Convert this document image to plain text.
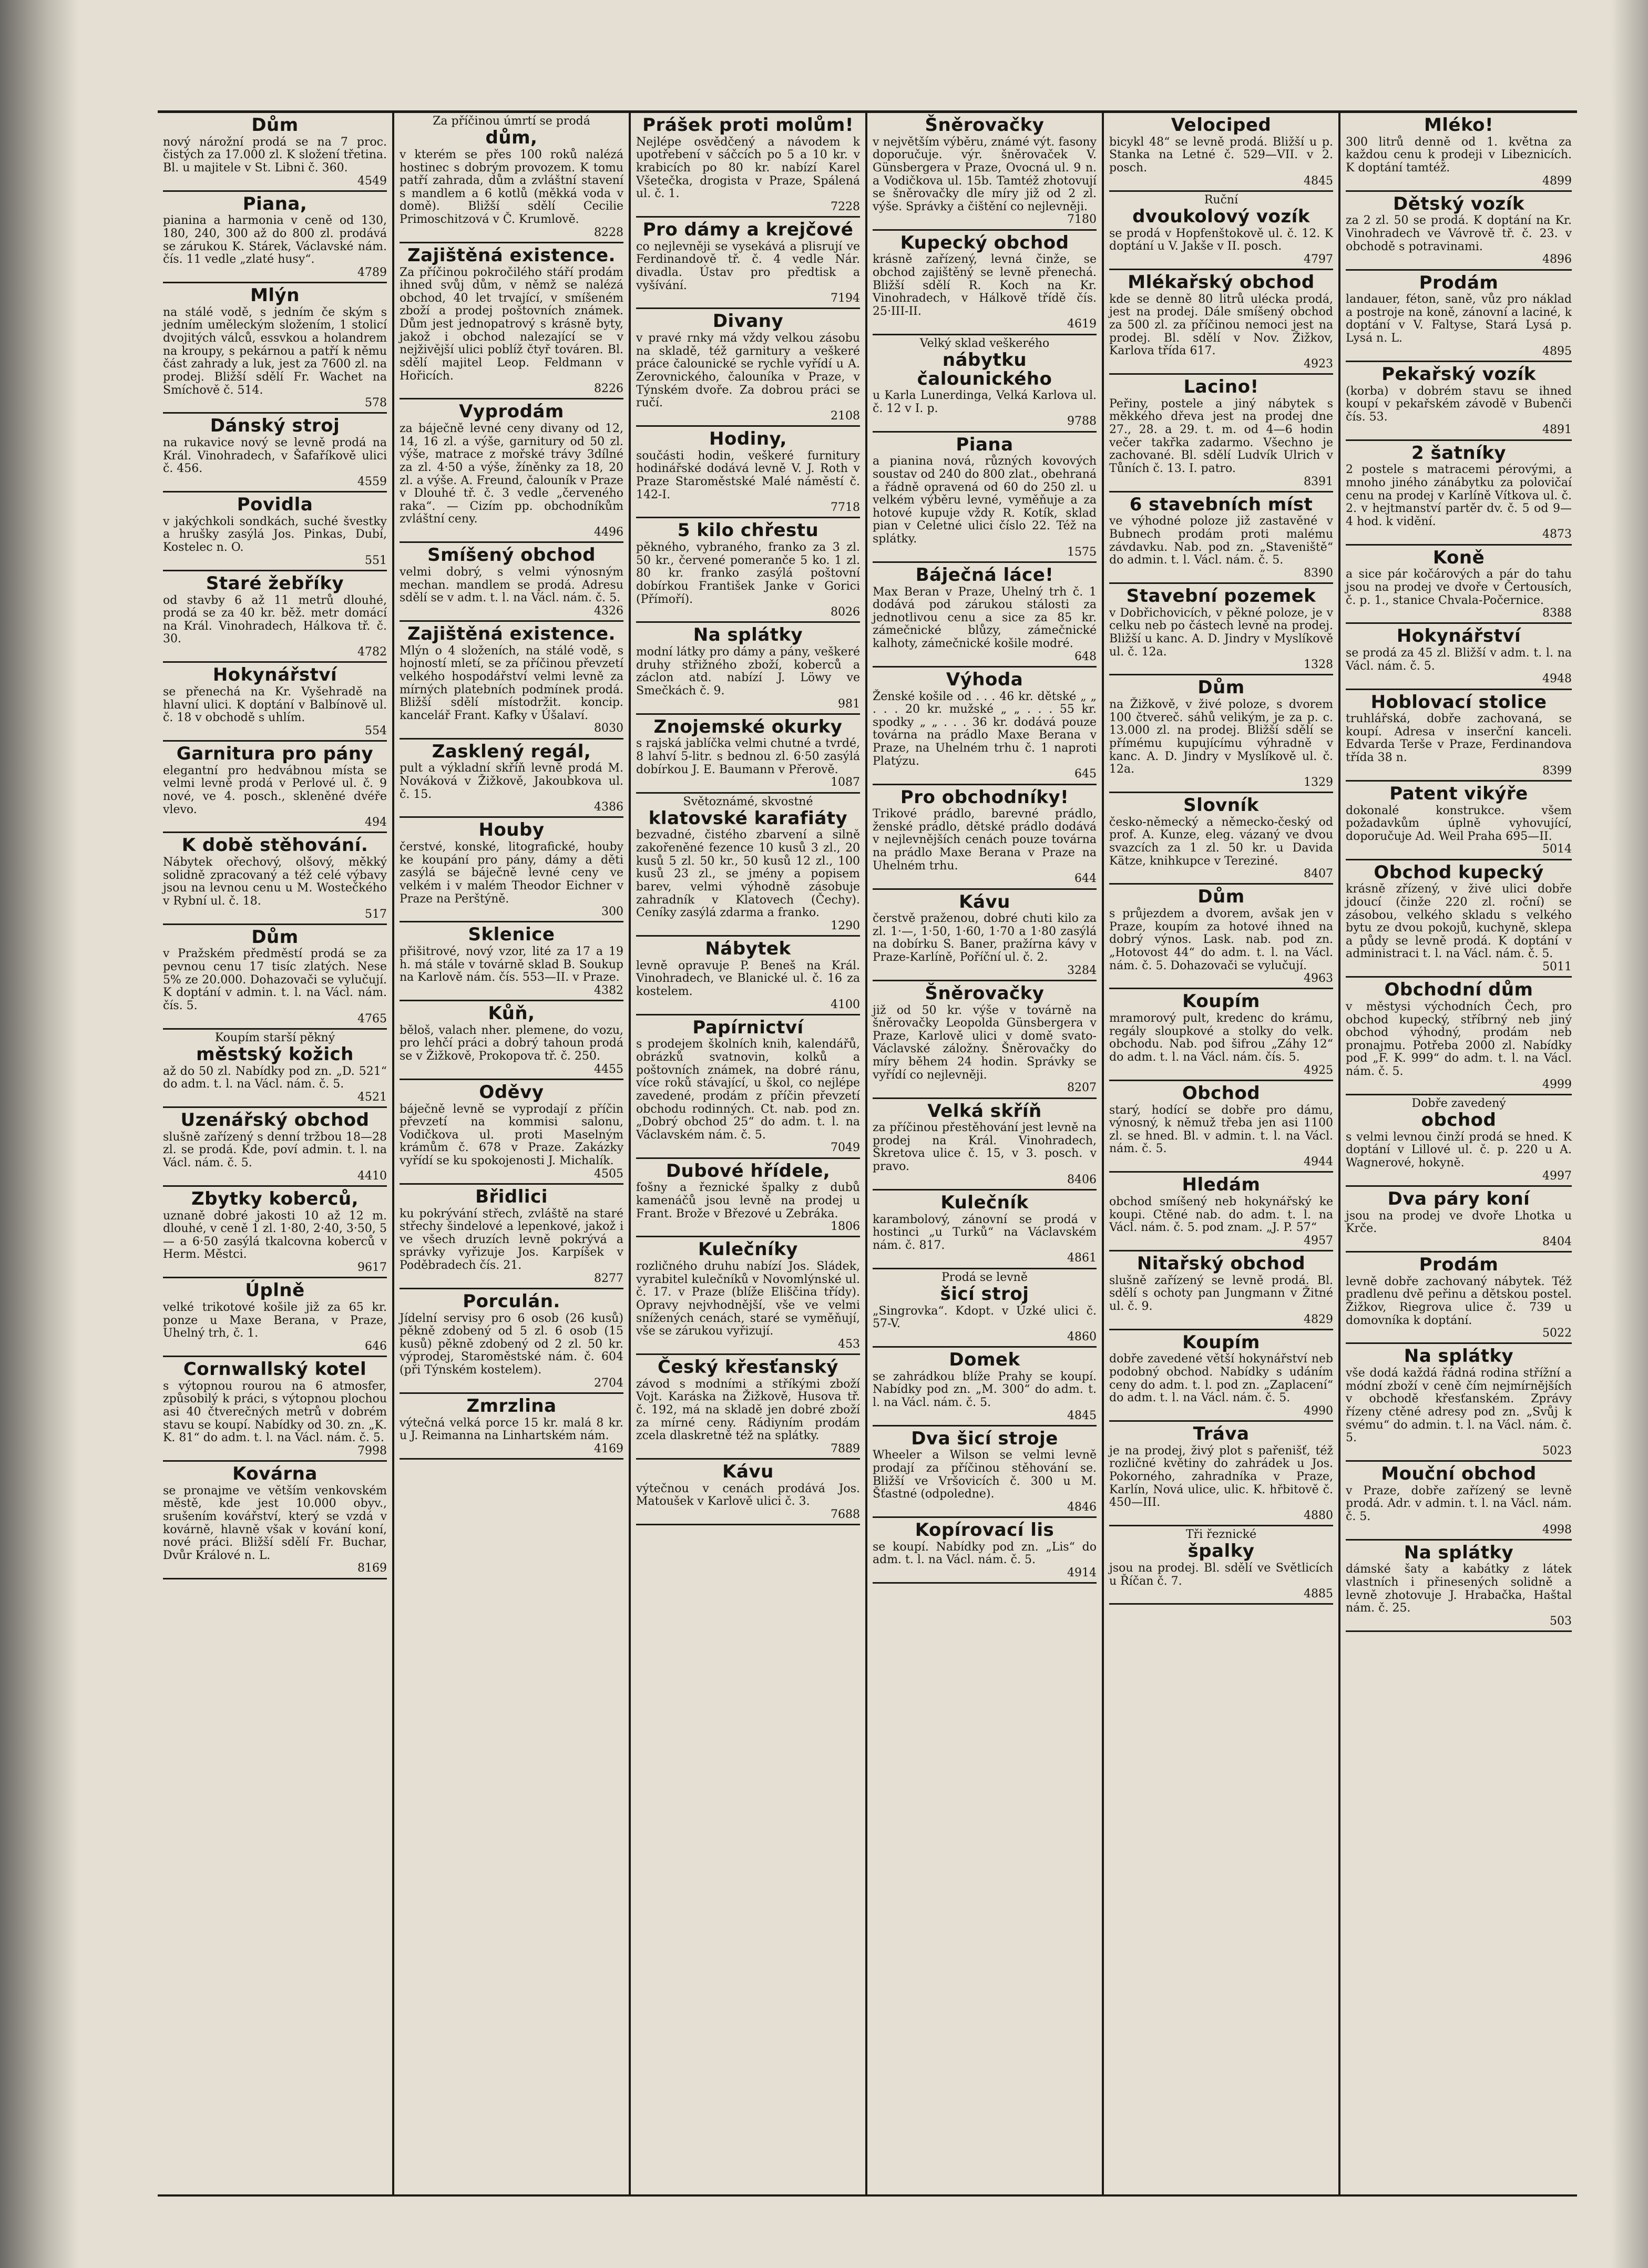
Dům
nový nárožní prodá se na 7 proc. čistých za 17.000 zl. K složení třetina. Bl. u majitele v St. Libni č. 360.
4549
Piana,
pianina a harmonia v ceně od 130, 180, 240, 300 až do 800 zl. prodává se zárukou K. Stárek, Václavské nám. čís. 11 vedle „zlaté husy“.
4789
Mlýn
na stálé vodě, s jedním če ským s jedním uměleckým složením, 1 stolicí dvojitých válců, essvkou a holandrem na kroupy, s pekárnou a patří k němu část zahrady a luk, jest za 7600 zl. na prodej. Bližší sdělí Fr. Wachet na Smíchově č. 514.
578
Dánský stroj
na rukavice nový se levně prodá na Král. Vinohradech, v Šafaříkově ulici č. 456.
4559
Povidla
v jakýchkoli sondkách, suché švestky a hrušky zasýlá Jos. Pinkas, Dubí, Kostelec n. O.
551
Staré žebříky
od stavby 6 až 11 metrů dlouhé, prodá se za 40 kr. běž. metr domácí na Král. Vinohradech, Hálkova tř. č. 30.
4782
Hokynářství
se přenechá na Kr. Vyšehradě na hlavní ulici. K doptání v Balbínově ul. č. 18 v obchodě s uhlím.
554
Garnitura pro pány
elegantní pro hedvábnou místa se velmi levně prodá v Perlové ul. č. 9 nové, ve 4. posch., skleněné dvéře vlevo.
494
K době stěhování.
Nábytek ořechový, olšový, měkký solidně zpracovaný a též celé výbavy jsou na levnou cenu u M. Wostečkého v Rybní ul. č. 18.
517
Dům
v Pražském předměstí prodá se za pevnou cenu 17 tisíc zlatých. Nese 5% ze 20.000. Dohazovači se vylučují. K doptání v admin. t. l. na Václ. nám. čís. 5.
4765
Koupím starší pěkný
městský kožich
až do 50 zl. Nabídky pod zn. „D. 521“ do adm. t. l. na Václ. nám. č. 5.
4521
Uzenářský obchod
slušně zařízený s denní tržbou 18—28 zl. se prodá. Kde, poví admin. t. l. na Václ. nám. č. 5.
4410
Zbytky koberců,
uznaně dobré jakosti 10 až 12 m. dlouhé, v ceně 1 zl. 1·80, 2·40, 3·50, 5— a 6·50 zasýlá tkalcovna koberců v Herm. Městci.
9617
Úplně
velké trikotové košile již za 65 kr. ponze u Maxe Berana, v Praze, Uhelný trh, č. 1.
646
Cornwallský kotel
s výtopnou rourou na 6 atmosfer, způsobilý k práci, s výtopnou plochou asi 40 čtverečných metrů v dobrém stavu se koupí. Nabídky od 30. zn. „K. K. 81“ do adm. t. l. na Václ. nám. č. 5.
7998
Kovárna
se pronajme ve větším venkovském městě, kde jest 10.000 obyv., srušením kovářství, který se vzdá v kovárně, hlavně však v kování koní, nové práci. Bližší sdělí Fr. Buchar, Dvůr Králové n. L.
8169
Za příčinou úmrtí se prodá
dům,
v kterém se přes 100 roků nalézá hostinec s dobrým provozem. K tomu patří zahrada, dům a zvláštní stavení s mandlem a 6 kotlů (měkká voda v domě). Bližší sdělí Cecilie Primoschitzová v Č. Krumlově.
8228
Zajištěná existence.
Za příčinou pokročilého stáří prodám ihned svůj dům, v němž se nalézá obchod, 40 let trvající, v smíšeném zboží a prodej poštovních známek. Dům jest jednopatrový s krásně byty, jakož i obchod nalezající se v nejživější ulici poblíž čtyř továren. Bl. sdělí majitel Leop. Feldmann v Hořicích.
8226
Vyprodám
za báječně levné ceny divany od 12, 14, 16 zl. a výše, garnitury od 50 zl. výše, matrace z mořské trávy 3dílné za zl. 4·50 a výše, žíněnky za 18, 20 zl. a výše. A. Freund, čalouník v Praze v Dlouhé tř. č. 3 vedle „červeného raka“. — Cizím pp. obchodníkům zvláštní ceny.
4496
Smíšený obchod
velmi dobrý, s velmi výnosným mechan. mandlem se prodá. Adresu sdělí se v adm. t. l. na Václ. nám. č. 5.
4326
Zajištěná existence.
Mlýn o 4 složeních, na stálé vodě, s hojností mletí, se za příčinou převzetí velkého hospodářství velmi levně za mírných platebních podmínek prodá. Bližší sdělí místodržit. koncip. kancelář Frant. Kafky v Úšalaví.
8030
Zasklený regál,
pult a výkladní skříň levně prodá M. Nováková v Žižkově, Jakoubkova ul. č. 15.
4386
Houby
čerstvé, konské, litografické, houby ke koupání pro pány, dámy a děti zasýlá se báječně levné ceny ve velkém i v malém Theodor Eichner v Praze na Perštýně.
300
Sklenice
přišitrové, nový vzor, lité za 17 a 19 h. má stále v továrně sklad B. Soukup na Karlově nám. čís. 553—II. v Praze.
4382
Kůň,
běloš, valach nher. plemene, do vozu, pro lehčí práci a dobrý tahoun prodá se v Žižkově, Prokopova tř. č. 250.
4455
Oděvy
báječně levně se vyprodají z příčin převzetí na kommisi salonu, Vodičkova ul. proti Maselným krámům č. 678 v Praze. Zakázky vyřídí se ku spokojenosti J. Michalík.
4505
Břidlici
ku pokrývání střech, zvláště na staré střechy šindelové a lepenkové, jakož i ve všech druzích levně pokrývá a správky vyřizuje Jos. Karpíšek v Poděbradech čís. 21.
8277
Porculán.
Jídelní servisy pro 6 osob (26 kusů) pěkně zdobený od 5 zl. 6 osob (15 kusů) pěkně zdobený od 2 zl. 50 kr. výprodej, Staroměstské nám. č. 604 (při Týnském kostelem).
2704
Zmrzlina
výtečná velká porce 15 kr. malá 8 kr. u J. Reimanna na Linhartském nám.
4169
Prášek proti molům!
Nejlépe osvědčený a návodem k upotřebení v sáčcích po 5 a 10 kr. v krabicích po 80 kr. nabízí Karel Všetečka, drogista v Praze, Spálená ul. č. 1.
7228
Pro dámy a krejčové
co nejlevněji se vysekává a plisrují ve Ferdinandově tř. č. 4 vedle Nár. divadla. Ústav pro předtisk a vyšívání.
7194
Divany
v pravé rnky má vždy velkou zásobu na skladě, též garnitury a veškeré práce čalounické se rychle vyřídí u A. Zerovnického, čalouníka v Praze, v Týnském dvoře. Za dobrou práci se ručí.
2108
Hodiny,
součásti hodin, veškeré furnitury hodinářské dodává levně V. J. Roth v Praze Staroměstské Malé náměstí č. 142-I.
7718
5 kilo chřestu
pěkného, vybraného, franko za 3 zl. 50 kr., červené pomeranče 5 ko. 1 zl. 80 kr. franko zasýlá poštovní dobírkou František Janke v Gorici (Přímoří).
8026
Na splátky
modní látky pro dámy a pány, veškeré druhy střižného zboží, koberců a záclon atd. nabízí J. Löwy ve Smečkách č. 9.
981
Znojemské okurky
s rajská jablíčka velmi chutné a tvrdé, 8 lahví 5-litr. s bednou zl. 6·50 zasýlá dobírkou J. E. Baumann v Přerově.
1087
Světoznámé, skvostné
klatovské karafiáty
bezvadné, čistého zbarvení a silně zakořeněné fezence 10 kusů 3 zl., 20 kusů 5 zl. 50 kr., 50 kusů 12 zl., 100 kusů 23 zl., se jmény a popisem barev, velmi výhodně zásobuje zahradník v Klatovech (Čechy). Ceníky zasýlá zdarma a franko.
1290
Nábytek
levně opravuje P. Beneš na Král. Vinohradech, ve Blanické ul. č. 16 za kostelem.
4100
Papírnictví
s prodejem školních knih, kalendářů, obrázků svatnovin, kolků a poštovních známek, na dobré ránu, více roků stávající, u škol, co nejlépe zavedené, prodám z příčin převzetí obchodu rodinných. Ct. nab. pod zn. „Dobrý obchod 25“ do adm. t. l. na Václavském nám. č. 5.
7049
Dubové hřídele,
fošny a řeznické špalky z dubů kamenáčů jsou levně na prodej u Frant. Brože v Březové u Zebráka.
1806
Kulečníky
rozličného druhu nabízí Jos. Sládek, vyrabitel kulečníků v Novomlýnské ul. č. 17. v Praze (blíže Eliščina třídy). Opravy nejvhodnější, vše ve velmi snížených cenách, staré se vyměňují, vše se zárukou vyřizují.
453
Český křesťanský
závod s modními a stříkými zboží Vojt. Karáska na Žižkově, Husova tř. č. 192, má na skladě jen dobré zboží za mírné ceny. Rádiyním prodám zcela dlaskretně též na splátky.
7889
Kávu
výtečnou v cenách prodává Jos. Matoušek v Karlově ulici č. 3.
7688
Šněrovačky
v největším výběru, známé výt. fasony doporučuje. výr. šněrovaček V. Günsbergera v Praze, Ovocná ul. 9 n. a Vodičkova ul. 15b. Tamtéž zhotovují se šněrovačky dle míry již od 2 zl. výše. Správky a čištění co nejlevněji.
7180
Kupecký obchod
krásně zařízený, levná činže, se obchod zajištěný se levně přenechá. Bližší sdělí R. Koch na Kr. Vinohradech, v Hálkově třídě čís. 25·III-II.
4619
Velký sklad veškerého
nábytku čalounického
u Karla Lunerdinga, Velká Karlova ul. č. 12 v I. p.
9788
Piana
a pianina nová, různých kovových soustav od 240 do 800 zlat., obehraná a řádně opravená od 60 do 250 zl. u velkém výběru levné, vyměňuje a za hotové kupuje vždy R. Kotík, sklad pian v Celetné ulici číslo 22. Též na splátky.
1575
Báječná láce!
Max Beran v Praze, Uhelný trh č. 1 dodává pod zárukou stálosti za jednotlivou cenu a sice za 85 kr. zámečnické blůzy, zámečnické kalhoty, zámečnické košile modré.
648
Výhoda
Ženské košile od . . . 46 kr. dětské „ „ . . . 20 kr. mužské „ „ . . . 55 kr. spodky „ „ . . . 36 kr. dodává pouze továrna na prádlo Maxe Berana v Praze, na Uhelném trhu č. 1 naproti Platýzu.
645
Pro obchodníky!
Trikové prádlo, barevné prádlo, ženské prádlo, dětské prádlo dodává v nejlevnějších cenách pouze továrna na prádlo Maxe Berana v Praze na Uhelném trhu.
644
Kávu
čerstvě praženou, dobré chuti kilo za zl. 1·—, 1·50, 1·60, 1·70 a 1·80 zasýlá na dobírku S. Baner, pražírna kávy v Praze-Karlíně, Poříční ul. č. 2.
3284
Šněrovačky
již od 50 kr. výše v továrně na šněrovačky Leopolda Günsbergera v Praze, Karlově ulici v domě svato-Václavské záložny. Šněrovačky do míry během 24 hodin. Správky se vyřídí co nejlevněji.
8207
Velká skříň
za příčinou přestěhování jest levně na prodej na Král. Vinohradech, Škretova ulice č. 15, v 3. posch. v pravo.
8406
Kulečník
karambolový, zánovní se prodá v hostinci „u Turků“ na Václavském nám. č. 817.
4861
Prodá se levně
šicí stroj
„Singrovka“. Kdopt. v Úzké ulici č. 57-V.
4860
Domek
se zahrádkou blíže Prahy se koupí. Nabídky pod zn. „M. 300“ do adm. t. l. na Václ. nám. č. 5.
4845
Dva šicí stroje
Wheeler a Wilson se velmi levně prodají za příčinou stěhování se. Bližší ve Vršovicích č. 300 u M. Šťastné (odpoledne).
4846
Kopírovací lis
se koupí. Nabídky pod zn. „Lis“ do adm. t. l. na Václ. nám. č. 5.
4914
Velociped
bicykl 48“ se levně prodá. Bližší u p. Stanka na Letné č. 529—VII. v 2. posch.
4845
Ruční
dvoukolový vozík
se prodá v Hopfenštokově ul. č. 12. K doptání u V. Jakše v II. posch.
4797
Mlékařský obchod
kde se denně 80 litrů ulécka prodá, jest na prodej. Dále smíšený obchod za 500 zl. za příčinou nemoci jest na prodej. Bl. sdělí v Nov. Žižkov, Karlova třída 617.
4923
Lacino!
Peřiny, postele a jiný nábytek s měkkého dřeva jest na prodej dne 27., 28. a 29. t. m. od 4—6 hodin večer takřka zadarmo. Všechno je zachované. Bl. sdělí Ludvík Ulrich v Tůních č. 13. I. patro.
8391
6 stavebních míst
ve výhodné poloze již zastavěné v Bubnech prodám proti malému závdavku. Nab. pod zn. „Staveniště“ do admin. t. l. Václ. nám. č. 5.
8390
Stavební pozemek
v Dobřichovicích, v pěkné poloze, je v celku neb po částech levně na prodej. Bližší u kanc. A. D. Jindry v Myslíkově ul. č. 12a.
1328
Dům
na Žižkově, v živé poloze, s dvorem 100 čtvereč. sáhů velikým, je za p. c. 13.000 zl. na prodej. Bližší sdělí se přímému kupujícímu výhradně v kanc. A. D. Jindry v Myslíkově ul. č. 12a.
1329
Slovník
česko-německý a německo-český od prof. A. Kunze, eleg. vázaný ve dvou svazcích za 1 zl. 50 kr. u Davida Kätze, knihkupce v Tereziné.
8407
Dům
s průjezdem a dvorem, avšak jen v Praze, koupím za hotové ihned na dobrý výnos. Lask. nab. pod zn. „Hotovost 44“ do adm. t. l. na Václ. nám. č. 5. Dohazovači se vylučují.
4963
Koupím
mramorový pult, kredenc do krámu, regály sloupkové a stolky do velk. obchodu. Nab. pod šifrou „Záhy 12“ do adm. t. l. na Václ. nám. čís. 5.
4925
Obchod
starý, hodící se dobře pro dámu, výnosný, k němuž třeba jen asi 1100 zl. se hned. Bl. v admin. t. l. na Václ. nám. č. 5.
4944
Hledám
obchod smíšený neb hokynářský ke koupi. Ctěné nab. do adm. t. l. na Václ. nám. č. 5. pod znam. „J. P. 57“
4957
Nitařský obchod
slušně zařízený se levně prodá. Bl. sdělí s ochoty pan Jungmann v Žitné ul. č. 9.
4829
Koupím
dobře zavedené větší hokynářství neb podobný obchod. Nabídky s udáním ceny do adm. t. l. pod zn. „Zaplacení“ do adm. t. l. na Václ. nám. č. 5.
4990
Tráva
je na prodej, živý plot s pařenišť, též rozličné květiny do zahrádek u Jos. Pokorného, zahradníka v Praze, Karlín, Nová ulice, ulic. K. hřbitově č. 450—III.
4880
Tři řeznické
špalky
jsou na prodej. Bl. sdělí ve Světlicích u Říčan č. 7.
4885
Mléko!
300 litrů denně od 1. května za každou cenu k prodeji v Libeznicích. K doptání tamtéž.
4899
Dětský vozík
za 2 zl. 50 se prodá. K doptání na Kr. Vinohradech ve Vávrově tř. č. 23. v obchodě s potravinami.
4896
Prodám
landauer, féton, saně, vůz pro náklad a postroje na koně, zánovní a laciné, k doptání v V. Faltyse, Stará Lysá p. Lysá n. L.
4895
Pekařský vozík
(korba) v dobrém stavu se ihned koupí v pekařském závodě v Bubenči čís. 53.
4891
2 šatníky
2 postele s matracemi pérovými, a mnoho jiného zánábytku za polovičaí cenu na prodej v Karlíně Vítkova ul. č. 2. v hejtmanství partěr dv. č. 5 od 9—4 hod. k vidění.
4873
Koně
a sice pár kočárových a pár do tahu jsou na prodej ve dvoře v Čertousích, č. p. 1., stanice Chvala-Počernice.
8388
Hokynářství
se prodá za 45 zl. Bližší v adm. t. l. na Václ. nám. č. 5.
4948
Hoblovací stolice
truhlářská, dobře zachovaná, se koupí. Adresa v inserční kanceli. Edvarda Terše v Praze, Ferdinandova třída 38 n.
8399
Patent vikýře
dokonalé konstrukce. všem požadavkům úplně vyhovující, doporučuje Ad. Weil Praha 695—II.
5014
Obchod kupecký
krásně zřízený, v živé ulici dobře jdoucí (činže 220 zl. roční) se zásobou, velkého skladu s velkého bytu ze dvou pokojů, kuchyně, sklepa a půdy se levně prodá. K doptání v administraci t. l. na Václ. nám. č. 5.
5011
Obchodní dům
v městysi východních Čech, pro obchod kupecký, stříbrný neb jiný obchod výhodný, prodám neb pronajmu. Potřeba 2000 zl. Nabídky pod „F. K. 999“ do adm. t. l. na Václ. nám. č. 5.
4999
Dobře zavedený
obchod
s velmi levnou činží prodá se hned. K doptání v Lillové ul. č. p. 220 u A. Wagnerové, hokyně.
4997
Dva páry koní
jsou na prodej ve dvoře Lhotka u Krče.
8404
Prodám
levně dobře zachovaný nábytek. Též pradlenu dvě peřinu a dětskou postel. Žižkov, Riegrova ulice č. 739 u domovníka k doptání.
5022
Na splátky
vše dodá každá řádná rodina střížní a módní zboží v ceně čím nejmírnějších v obchodě křesťanském. Zprávy řízeny ctěné adresy pod zn. „Svůj k svému“ do admin. t. l. na Václ. nám. č. 5.
5023
Mouční obchod
v Praze, dobře zařízený se levně prodá. Adr. v admin. t. l. na Václ. nám. č. 5.
4998
Na splátky
dámské šaty a kabátky z látek vlastních i přinesených solidně a levně zhotovuje J. Hrabačka, Haštal nám. č. 25.
503
